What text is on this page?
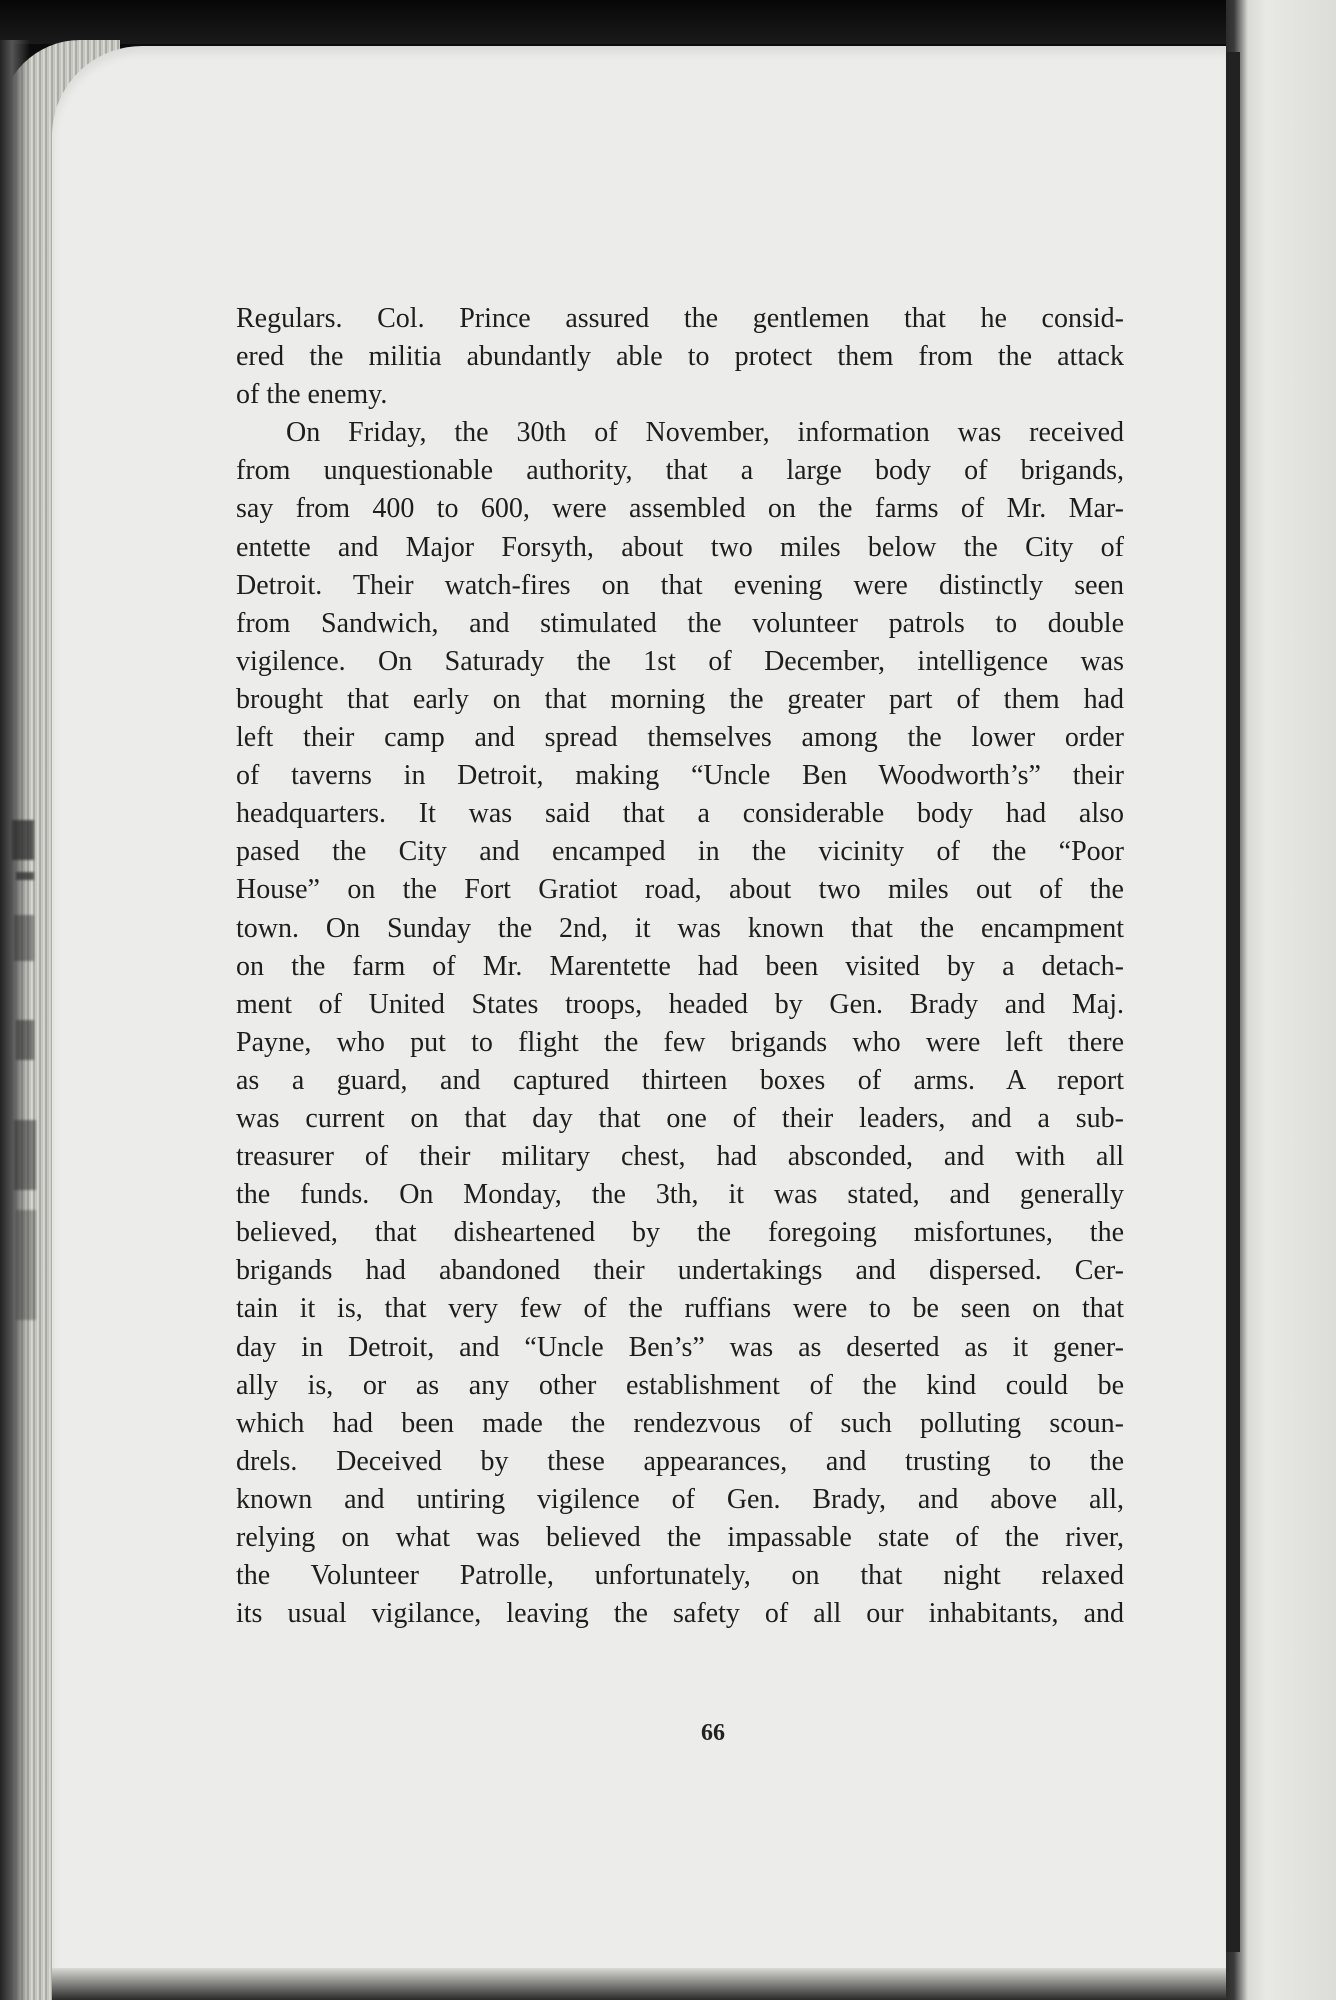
Regulars. Col. Prince assured the gentlemen that he consid-
ered the militia abundantly able to protect them from the attack
of the enemy.
On Friday, the 30th of November, information was received
from unquestionable authority, that a large body of brigands,
say from 400 to 600, were assembled on the farms of Mr. Mar-
entette and Major Forsyth, about two miles below the City of
Detroit. Their watch-fires on that evening were distinctly seen
from Sandwich, and stimulated the volunteer patrols to double
vigilence. On Saturady the 1st of December, intelligence was
brought that early on that morning the greater part of them had
left their camp and spread themselves among the lower order
of taverns in Detroit, making “Uncle Ben Woodworth’s” their
headquarters. It was said that a considerable body had also
pased the City and encamped in the vicinity of the “Poor
House” on the Fort Gratiot road, about two miles out of the
town. On Sunday the 2nd, it was known that the encampment
on the farm of Mr. Marentette had been visited by a detach-
ment of United States troops, headed by Gen. Brady and Maj.
Payne, who put to flight the few brigands who were left there
as a guard, and captured thirteen boxes of arms. A report
was current on that day that one of their leaders, and a sub-
treasurer of their military chest, had absconded, and with all
the funds. On Monday, the 3th, it was stated, and generally
believed, that disheartened by the foregoing misfortunes, the
brigands had abandoned their undertakings and dispersed. Cer-
tain it is, that very few of the ruffians were to be seen on that
day in Detroit, and “Uncle Ben’s” was as deserted as it gener-
ally is, or as any other establishment of the kind could be
which had been made the rendezvous of such polluting scoun-
drels. Deceived by these appearances, and trusting to the
known and untiring vigilence of Gen. Brady, and above all,
relying on what was believed the impassable state of the river,
the Volunteer Patrolle, unfortunately, on that night relaxed
its usual vigilance, leaving the safety of all our inhabitants, and
66
